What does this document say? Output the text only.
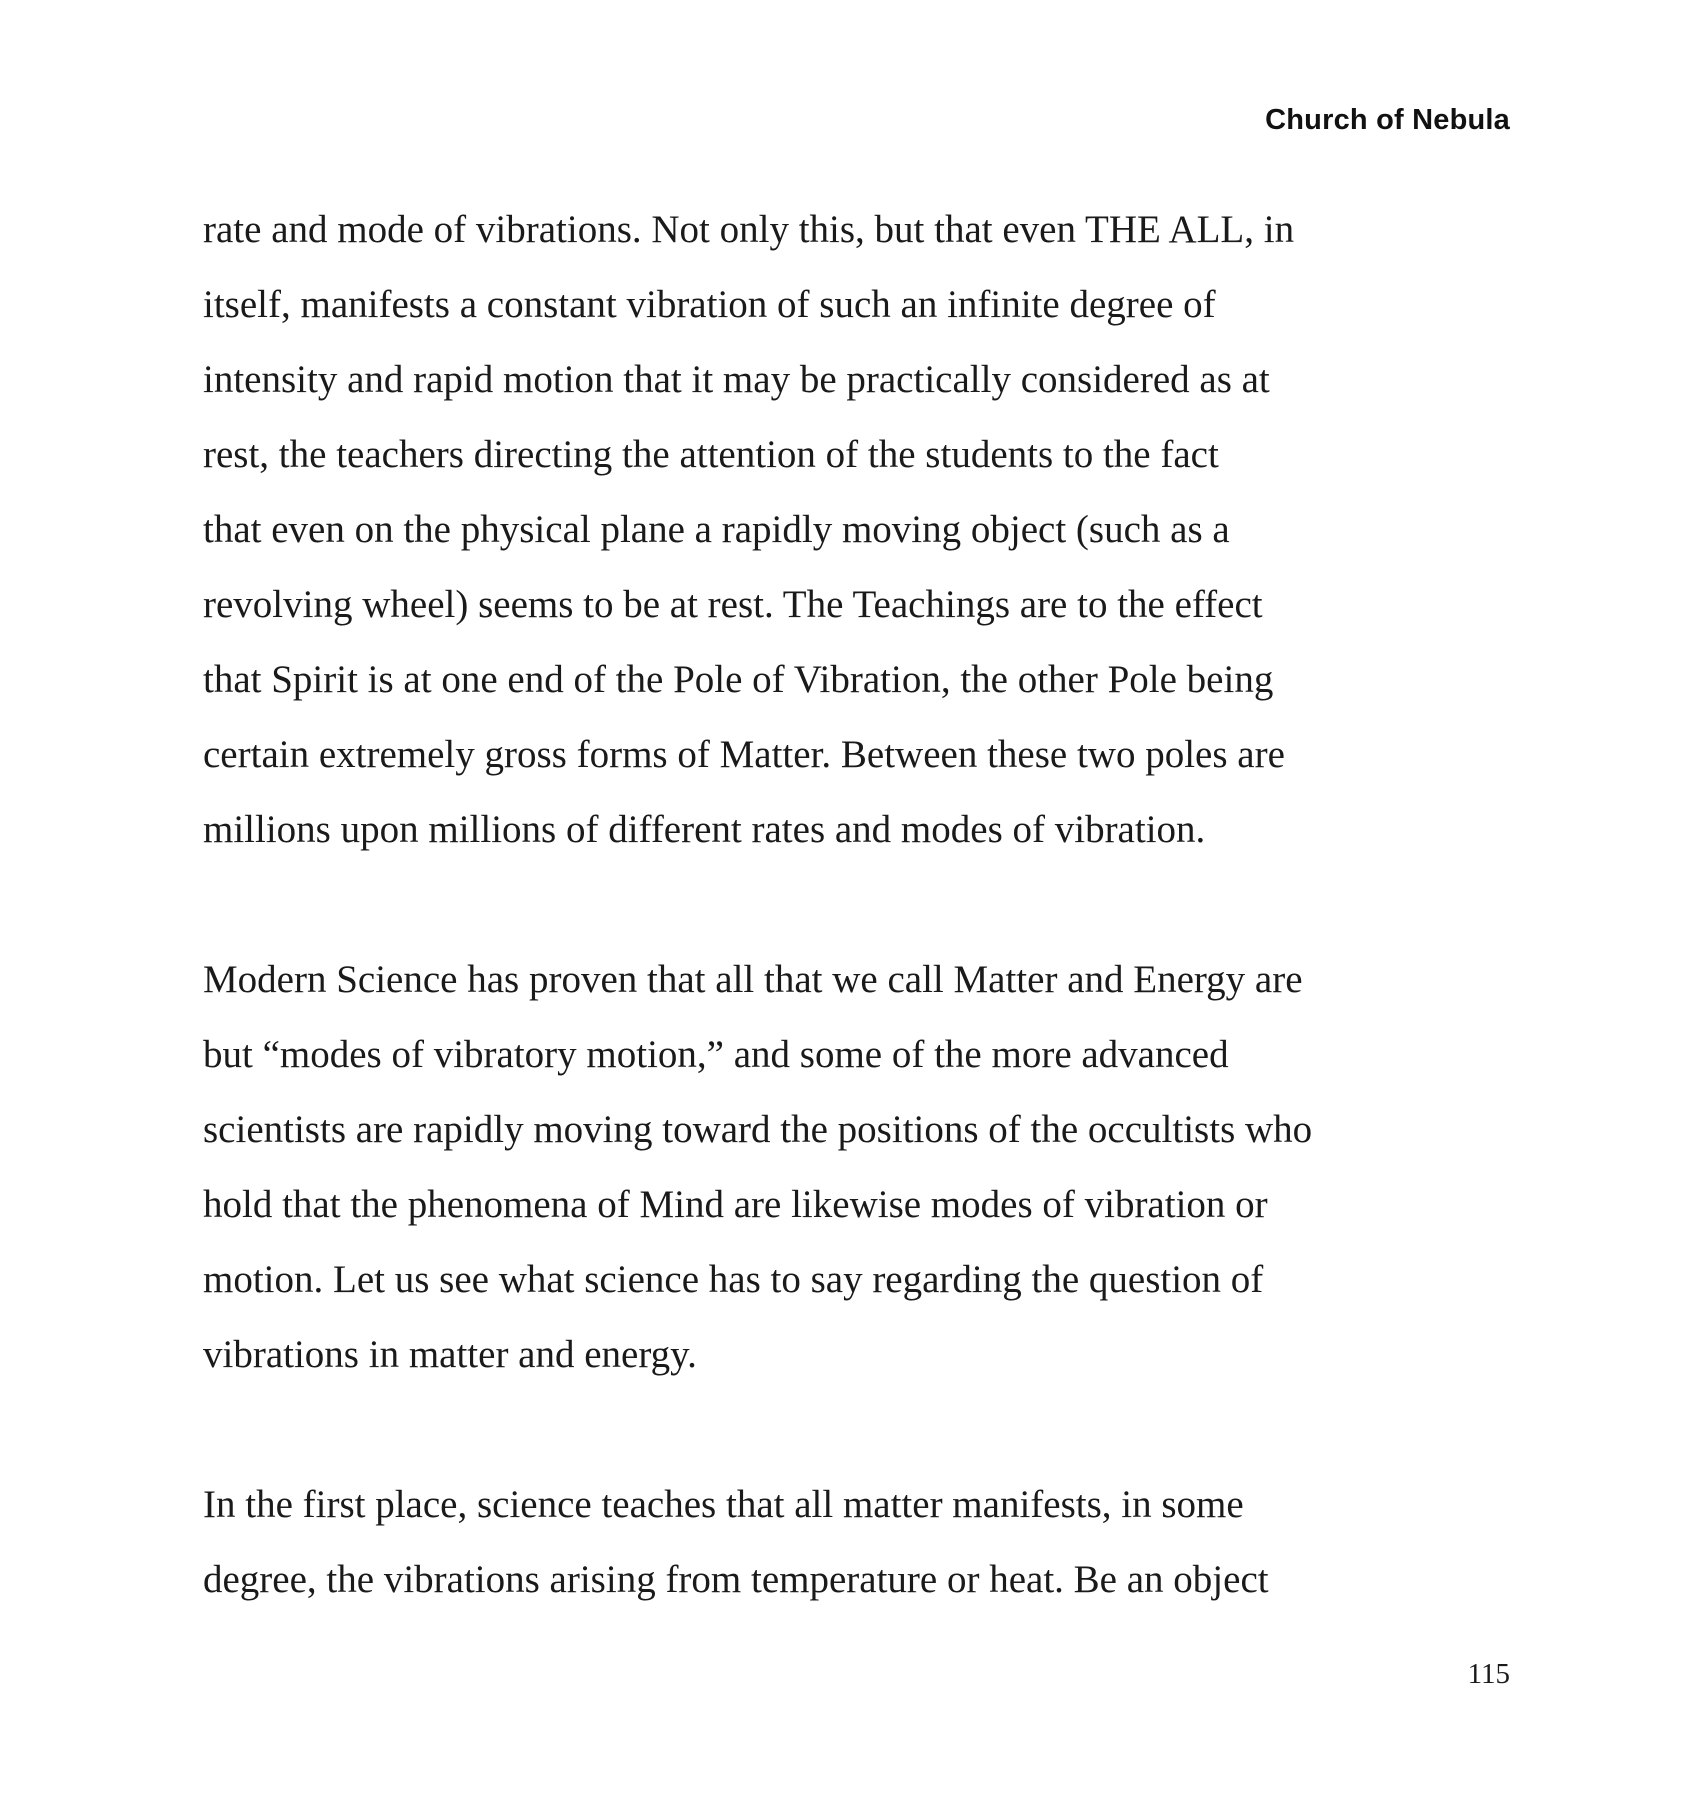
Church of Nebula
rate and mode of vibrations. Not only this, but that even THE ALL, in
itself, manifests a constant vibration of such an infinite degree of
intensity and rapid motion that it may be practically considered as at
rest, the teachers directing the attention of the students to the fact
that even on the physical plane a rapidly moving object (such as a
revolving wheel) seems to be at rest. The Teachings are to the effect
that Spirit is at one end of the Pole of Vibration, the other Pole being
certain extremely gross forms of Matter. Between these two poles are
millions upon millions of different rates and modes of vibration.
Modern Science has proven that all that we call Matter and Energy are
but “modes of vibratory motion,” and some of the more advanced
scientists are rapidly moving toward the positions of the occultists who
hold that the phenomena of Mind are likewise modes of vibration or
motion. Let us see what science has to say regarding the question of
vibrations in matter and energy.
In the first place, science teaches that all matter manifests, in some
degree, the vibrations arising from temperature or heat. Be an object
115
